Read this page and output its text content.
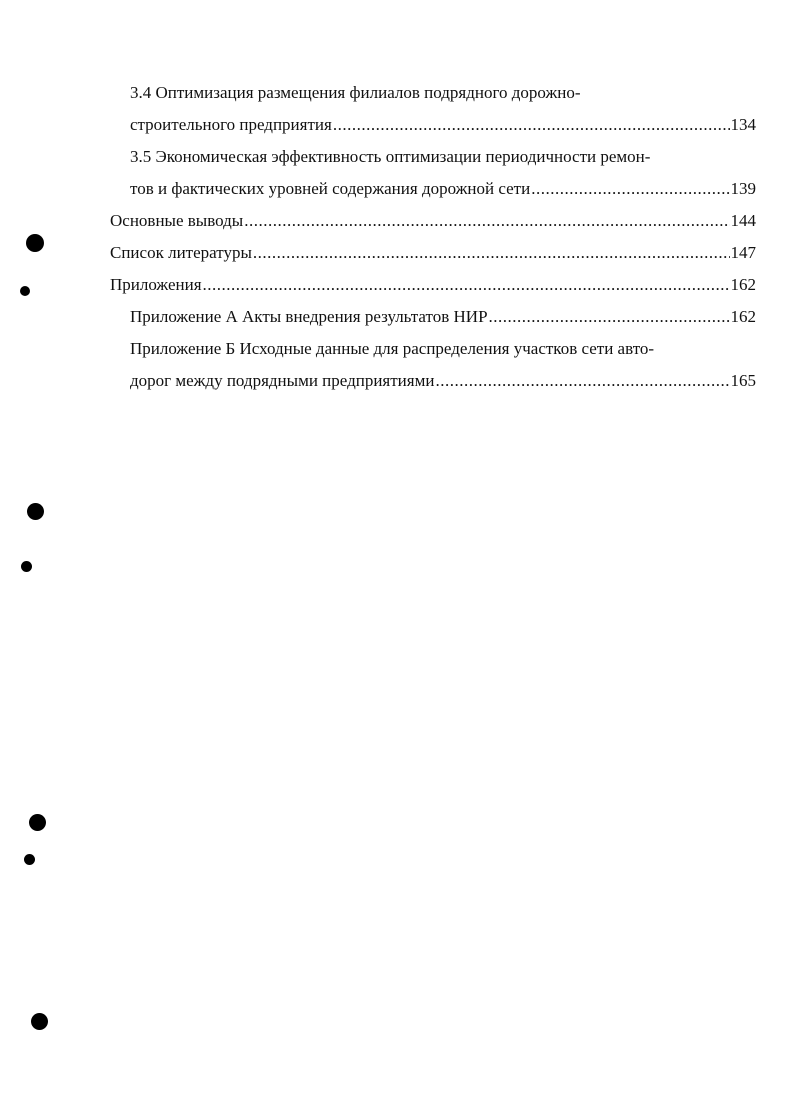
3.4 Оптимизация размещения филиалов подрядного дорожно-
строительного предприятия .....	134
3.5 Экономическая эффективность оптимизации периодичности ремон-
тов и фактических уровней содержания дорожной сети .....	139
Основные выводы .....	144
Список литературы .....	147
Приложения .....	162
Приложение А Акты внедрения результатов НИР .....	162
Приложение Б Исходные данные для распределения участков сети авто-
дорог между подрядными предприятиями .....	165
